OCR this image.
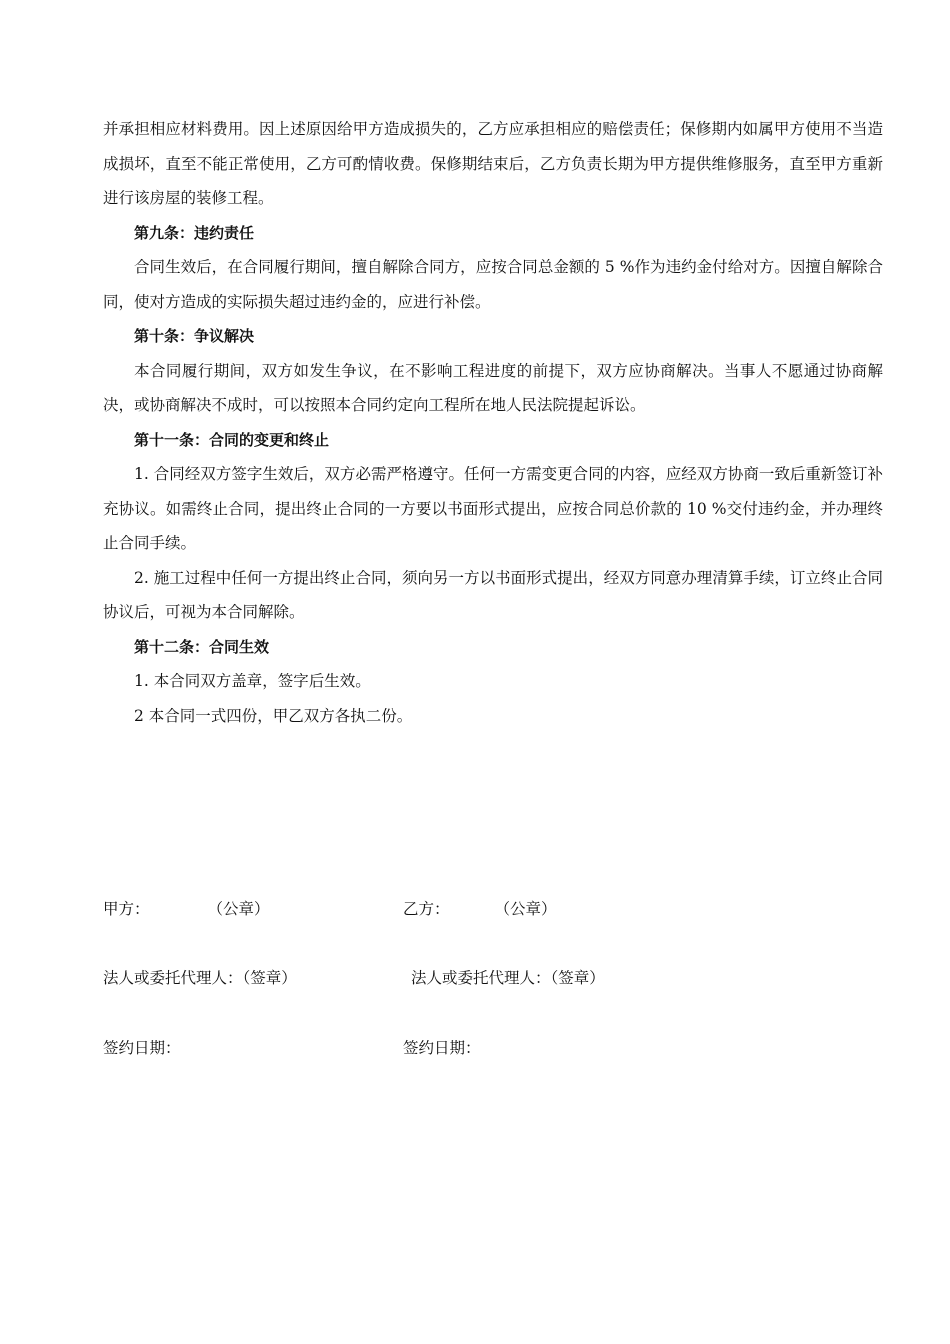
并承担相应材料费用。因上述原因给甲方造成损失的，乙方应承担相应的赔偿责任；保修期内如属甲方使用不当造成损坏，直至不能正常使用，乙方可酌情收费。保修期结束后，乙方负责长期为甲方提供维修服务，直至甲方重新进行该房屋的装修工程。

第九条：违约责任

合同生效后，在合同履行期间，擅自解除合同方，应按合同总金额的 5 %作为违约金付给对方。因擅自解除合同，使对方造成的实际损失超过违约金的，应进行补偿。

第十条：争议解决

本合同履行期间，双方如发生争议，在不影响工程进度的前提下，双方应协商解决。当事人不愿通过协商解决，或协商解决不成时，可以按照本合同约定向工程所在地人民法院提起诉讼。

第十一条：合同的变更和终止

1. 合同经双方签字生效后，双方必需严格遵守。任何一方需变更合同的内容，应经双方协商一致后重新签订补充协议。如需终止合同，提出终止合同的一方要以书面形式提出，应按合同总价款的 10 %交付违约金，并办理终止合同手续。

2. 施工过程中任何一方提出终止合同，须向另一方以书面形式提出，经双方同意办理清算手续，订立终止合同协议后，可视为本合同解除。

第十二条：合同生效

1. 本合同双方盖章，签字后生效。

2 本合同一式四份，甲乙双方各执二份。

甲方：	（公章）
法人或委托代理人：（签章）
签约日期：
乙方：	（公章）
法人或委托代理人：（签章）
签约日期：
